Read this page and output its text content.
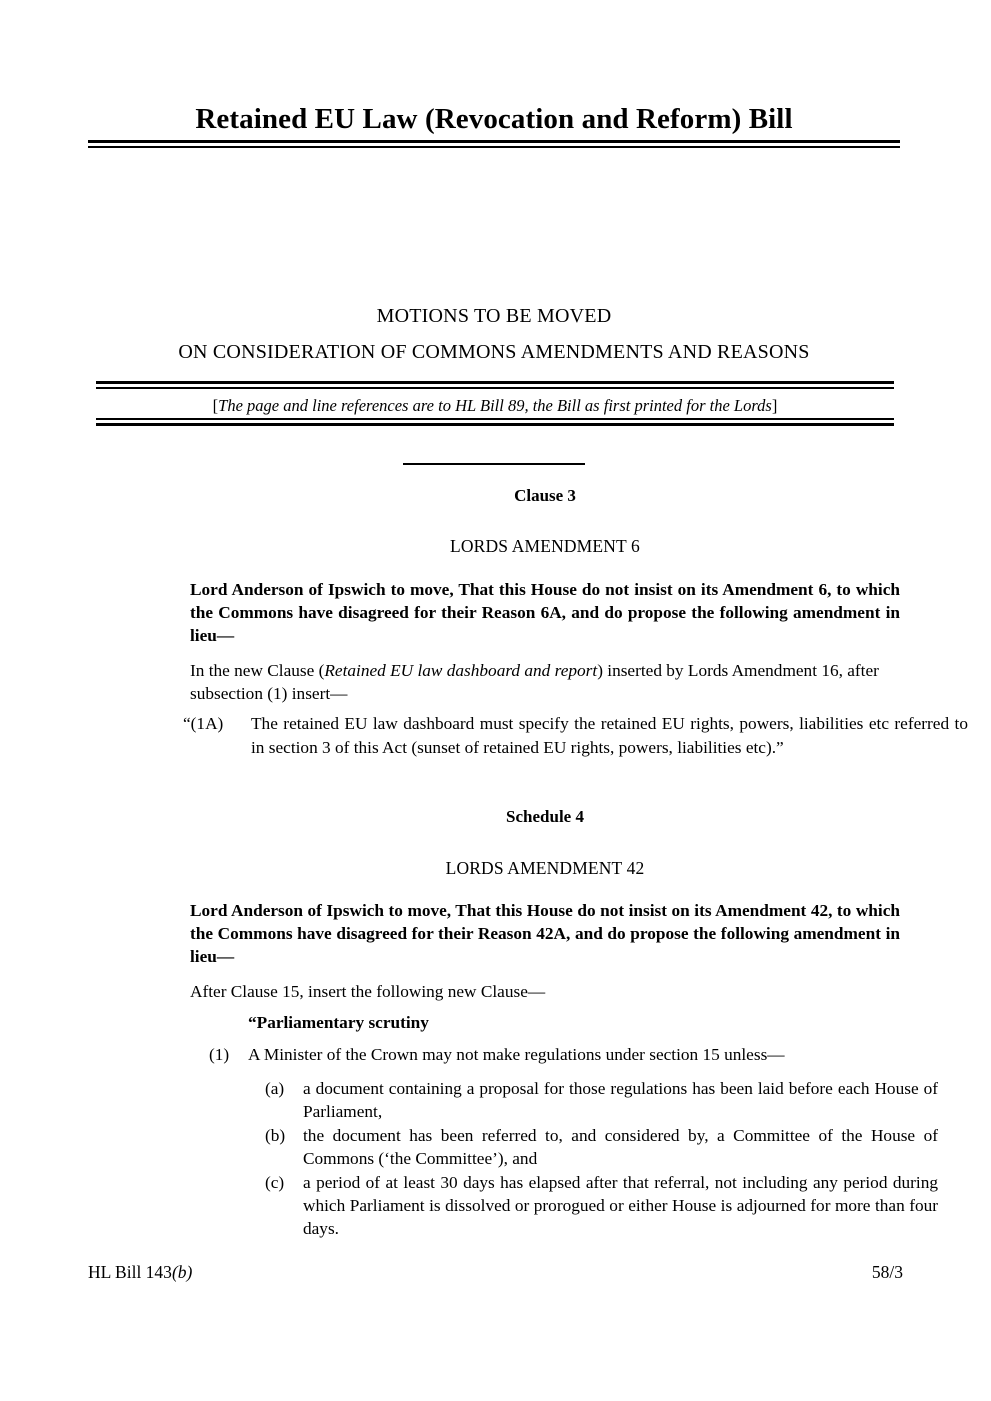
Retained EU Law (Revocation and Reform) Bill
MOTIONS TO BE MOVED
ON CONSIDERATION OF COMMONS AMENDMENTS AND REASONS
[The page and line references are to HL Bill 89, the Bill as first printed for the Lords]
Clause 3
LORDS AMENDMENT 6
Lord Anderson of Ipswich to move, That this House do not insist on its Amendment 6, to which the Commons have disagreed for their Reason 6A, and do propose the following amendment in lieu—
In the new Clause (Retained EU law dashboard and report) inserted by Lords Amendment 16, after subsection (1) insert—
“(1A) The retained EU law dashboard must specify the retained EU rights, powers, liabilities etc referred to in section 3 of this Act (sunset of retained EU rights, powers, liabilities etc).”
Schedule 4
LORDS AMENDMENT 42
Lord Anderson of Ipswich to move, That this House do not insist on its Amendment 42, to which the Commons have disagreed for their Reason 42A, and do propose the following amendment in lieu—
After Clause 15, insert the following new Clause—
“Parliamentary scrutiny
(1) A Minister of the Crown may not make regulations under section 15 unless—
(a) a document containing a proposal for those regulations has been laid before each House of Parliament,
(b) the document has been referred to, and considered by, a Committee of the House of Commons (‘the Committee’), and
(c) a period of at least 30 days has elapsed after that referral, not including any period during which Parliament is dissolved or prorogued or either House is adjourned for more than four days.
HL Bill 143(b)	58/3
